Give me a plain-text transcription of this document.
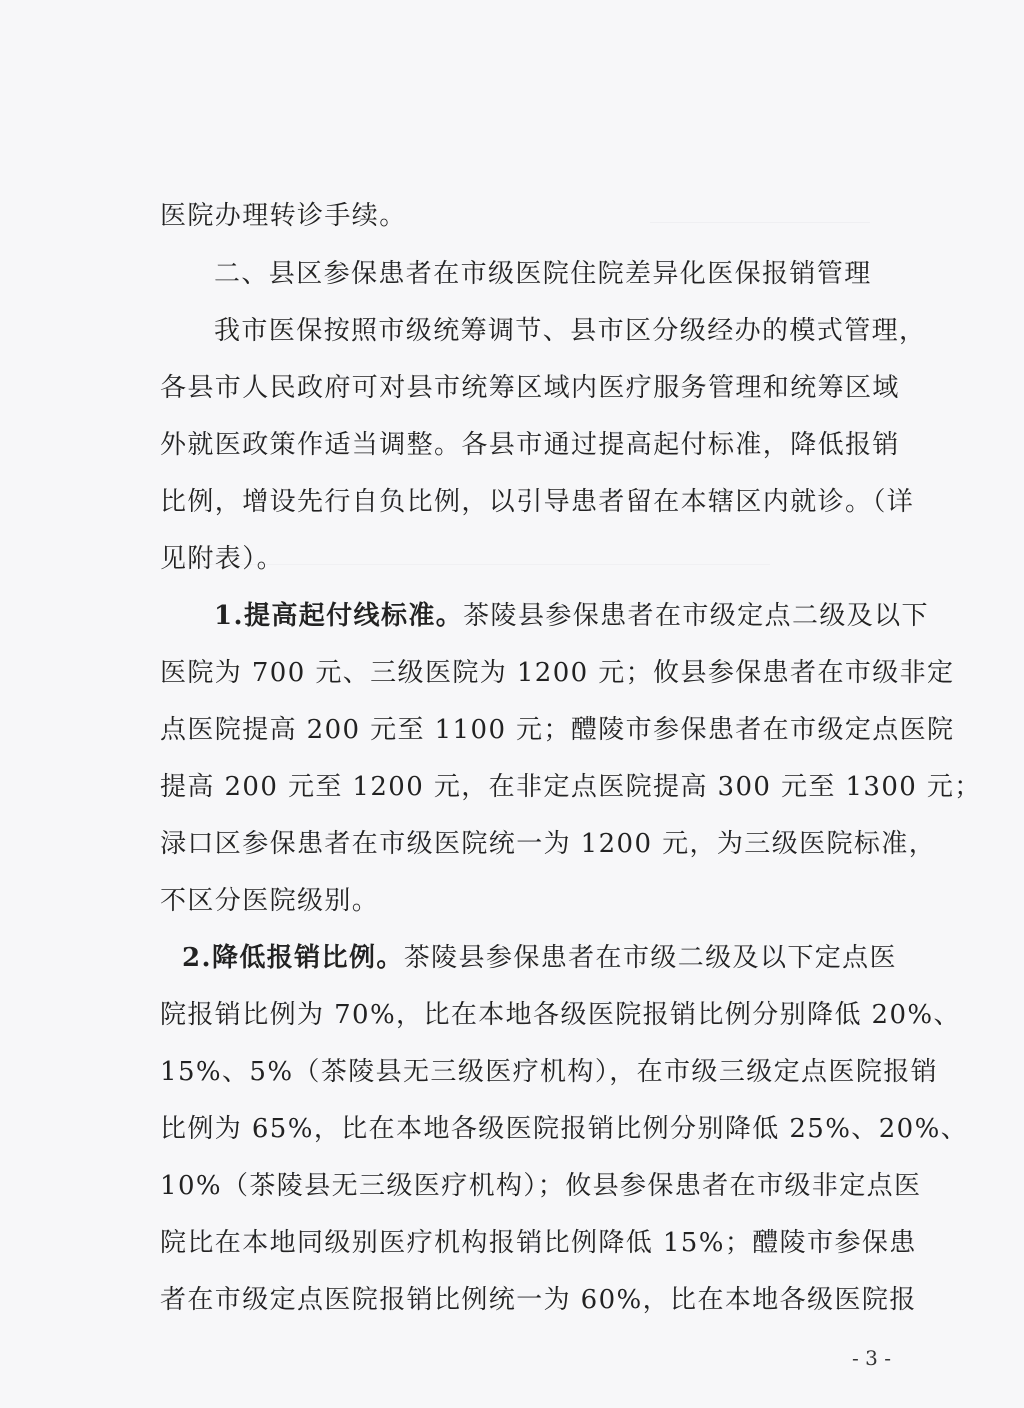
医院办理转诊手续。
二、县区参保患者在市级医院住院差异化医保报销管理
我市医保按照市级统筹调节、县市区分级经办的模式管理，
各县市人民政府可对县市统筹区域内医疗服务管理和统筹区域
外就医政策作适当调整。各县市通过提高起付标准，降低报销
比例，增设先行自负比例，以引导患者留在本辖区内就诊。（详
见附表）。
1.提高起付线标准。茶陵县参保患者在市级定点二级及以下
医院为 700 元、三级医院为 1200 元；攸县参保患者在市级非定
点医院提高 200 元至 1100 元；醴陵市参保患者在市级定点医院
提高 200 元至 1200 元，在非定点医院提高 300 元至 1300 元；
渌口区参保患者在市级医院统一为 1200 元，为三级医院标准，
不区分医院级别。
2.降低报销比例。茶陵县参保患者在市级二级及以下定点医
院报销比例为 70%，比在本地各级医院报销比例分别降低 20%、
15%、5%（茶陵县无三级医疗机构），在市级三级定点医院报销
比例为 65%，比在本地各级医院报销比例分别降低 25%、20%、
10%（茶陵县无三级医疗机构）；攸县参保患者在市级非定点医
院比在本地同级别医疗机构报销比例降低 15%；醴陵市参保患
者在市级定点医院报销比例统一为 60%，比在本地各级医院报
- 3 -
